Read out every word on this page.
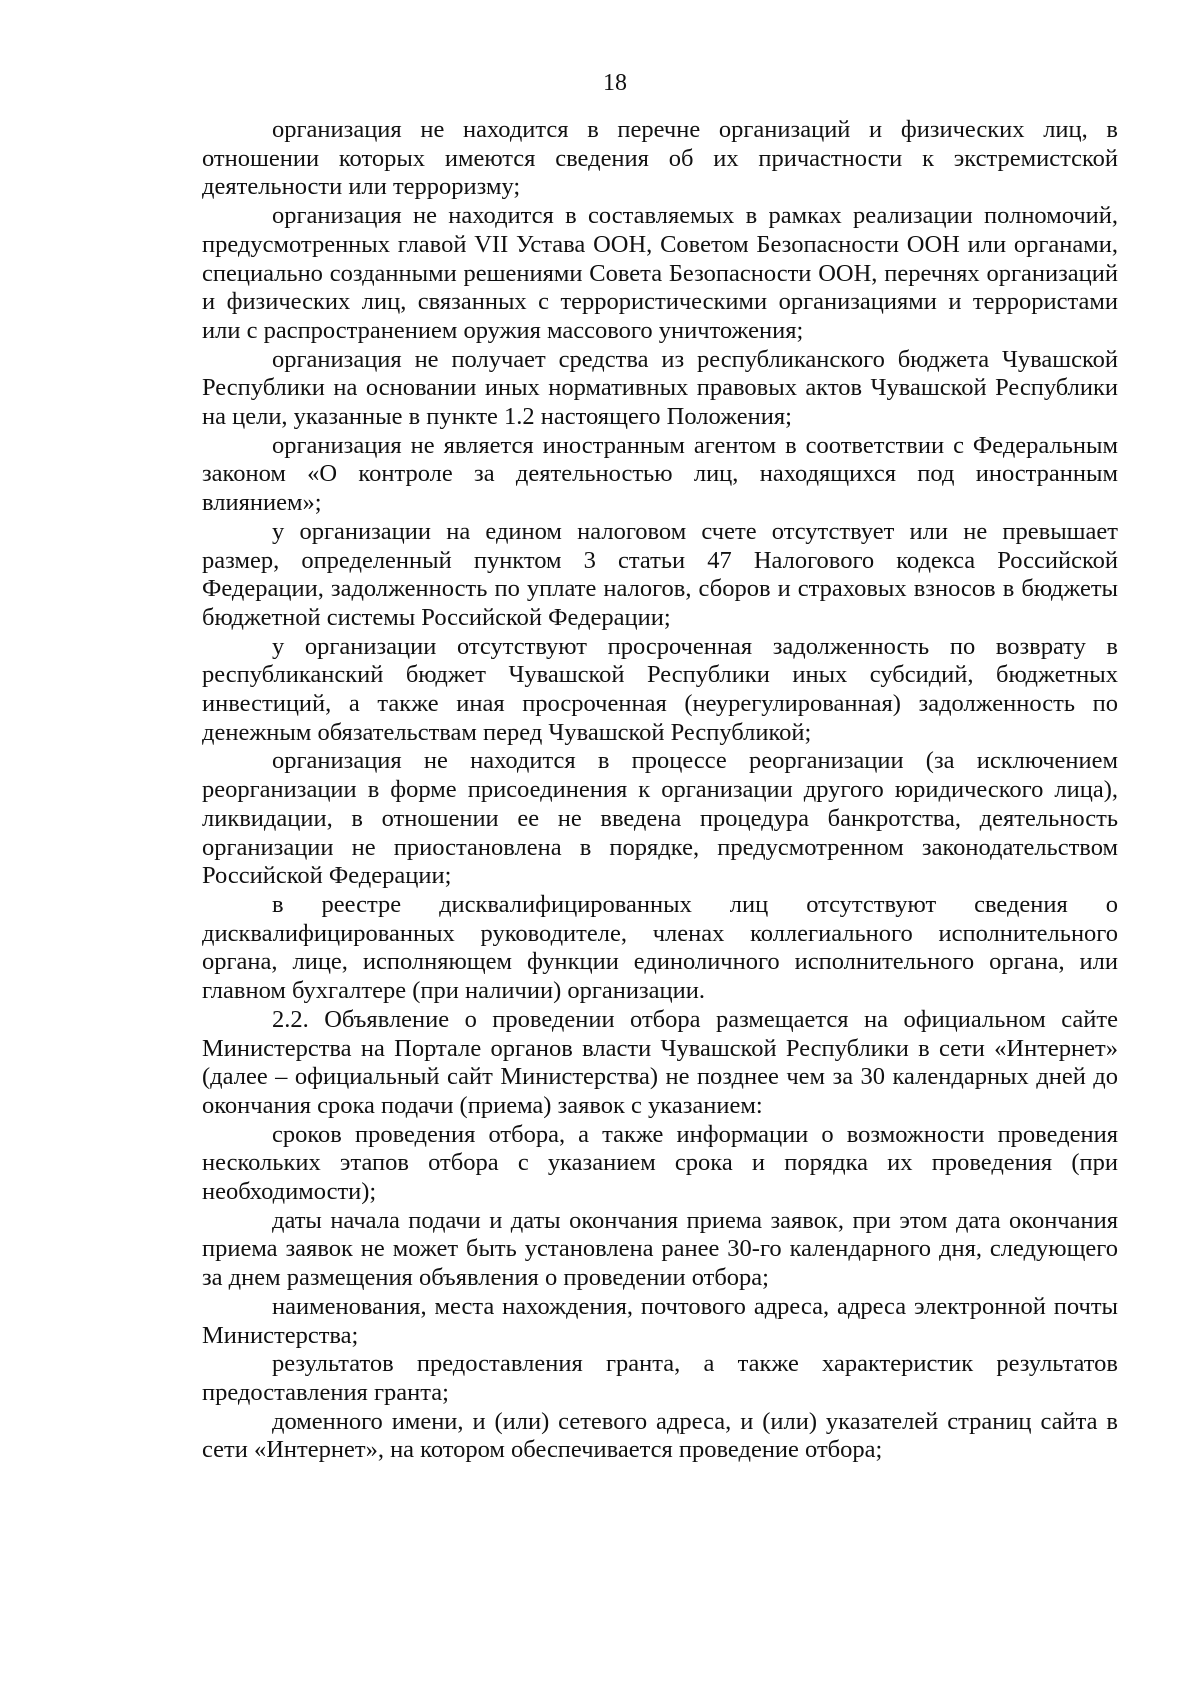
18

организация не находится в перечне организаций и физических лиц, в отношении которых имеются сведения об их причастности к экстремистской деятельности или терроризму;

организация не находится в составляемых в рамках реализации полномочий, предусмотренных главой VII Устава ООН, Советом Безопасности ООН или органами, специально созданными решениями Совета Безопасности ООН, перечнях организаций и физических лиц, связанных с террористическими организациями и террористами или с распространением оружия массового уничтожения;

организация не получает средства из республиканского бюджета Чувашской Республики на основании иных нормативных правовых актов Чувашской Республики на цели, указанные в пункте 1.2 настоящего Положения;

организация не является иностранным агентом в соответствии с Федеральным законом «О контроле за деятельностью лиц, находящихся под иностранным влиянием»;

у организации на едином налоговом счете отсутствует или не превышает размер, определенный пунктом 3 статьи 47 Налогового кодекса Российской Федерации, задолженность по уплате налогов, сборов и страховых взносов в бюджеты бюджетной системы Российской Федерации;

у организации отсутствуют просроченная задолженность по возврату в республиканский бюджет Чувашской Республики иных субсидий, бюджетных инвестиций, а также иная просроченная (неурегулированная) задолженность по денежным обязательствам перед Чувашской Республикой;

организация не находится в процессе реорганизации (за исключением реорганизации в форме присоединения к организации другого юридического лица), ликвидации, в отношении ее не введена процедура банкротства, деятельность организации не приостановлена в порядке, предусмотренном законодательством Российской Федерации;

в реестре дисквалифицированных лиц отсутствуют сведения о дисквалифицированных руководителе, членах коллегиального исполнительного органа, лице, исполняющем функции единоличного исполнительного органа, или главном бухгалтере (при наличии) организации.

2.2. Объявление о проведении отбора размещается на официальном сайте Министерства на Портале органов власти Чувашской Республики в сети «Интернет» (далее – официальный сайт Министерства) не позднее чем за 30 календарных дней до окончания срока подачи (приема) заявок с указанием:

сроков проведения отбора, а также информации о возможности проведения нескольких этапов отбора с указанием срока и порядка их проведения (при необходимости);

даты начала подачи и даты окончания приема заявок, при этом дата окончания приема заявок не может быть установлена ранее 30-го календарного дня, следующего за днем размещения объявления о проведении отбора;

наименования, места нахождения, почтового адреса, адреса электронной почты Министерства;

результатов предоставления гранта, а также характеристик результатов предоставления гранта;

доменного имени, и (или) сетевого адреса, и (или) указателей страниц сайта в сети «Интернет», на котором обеспечивается проведение отбора;
